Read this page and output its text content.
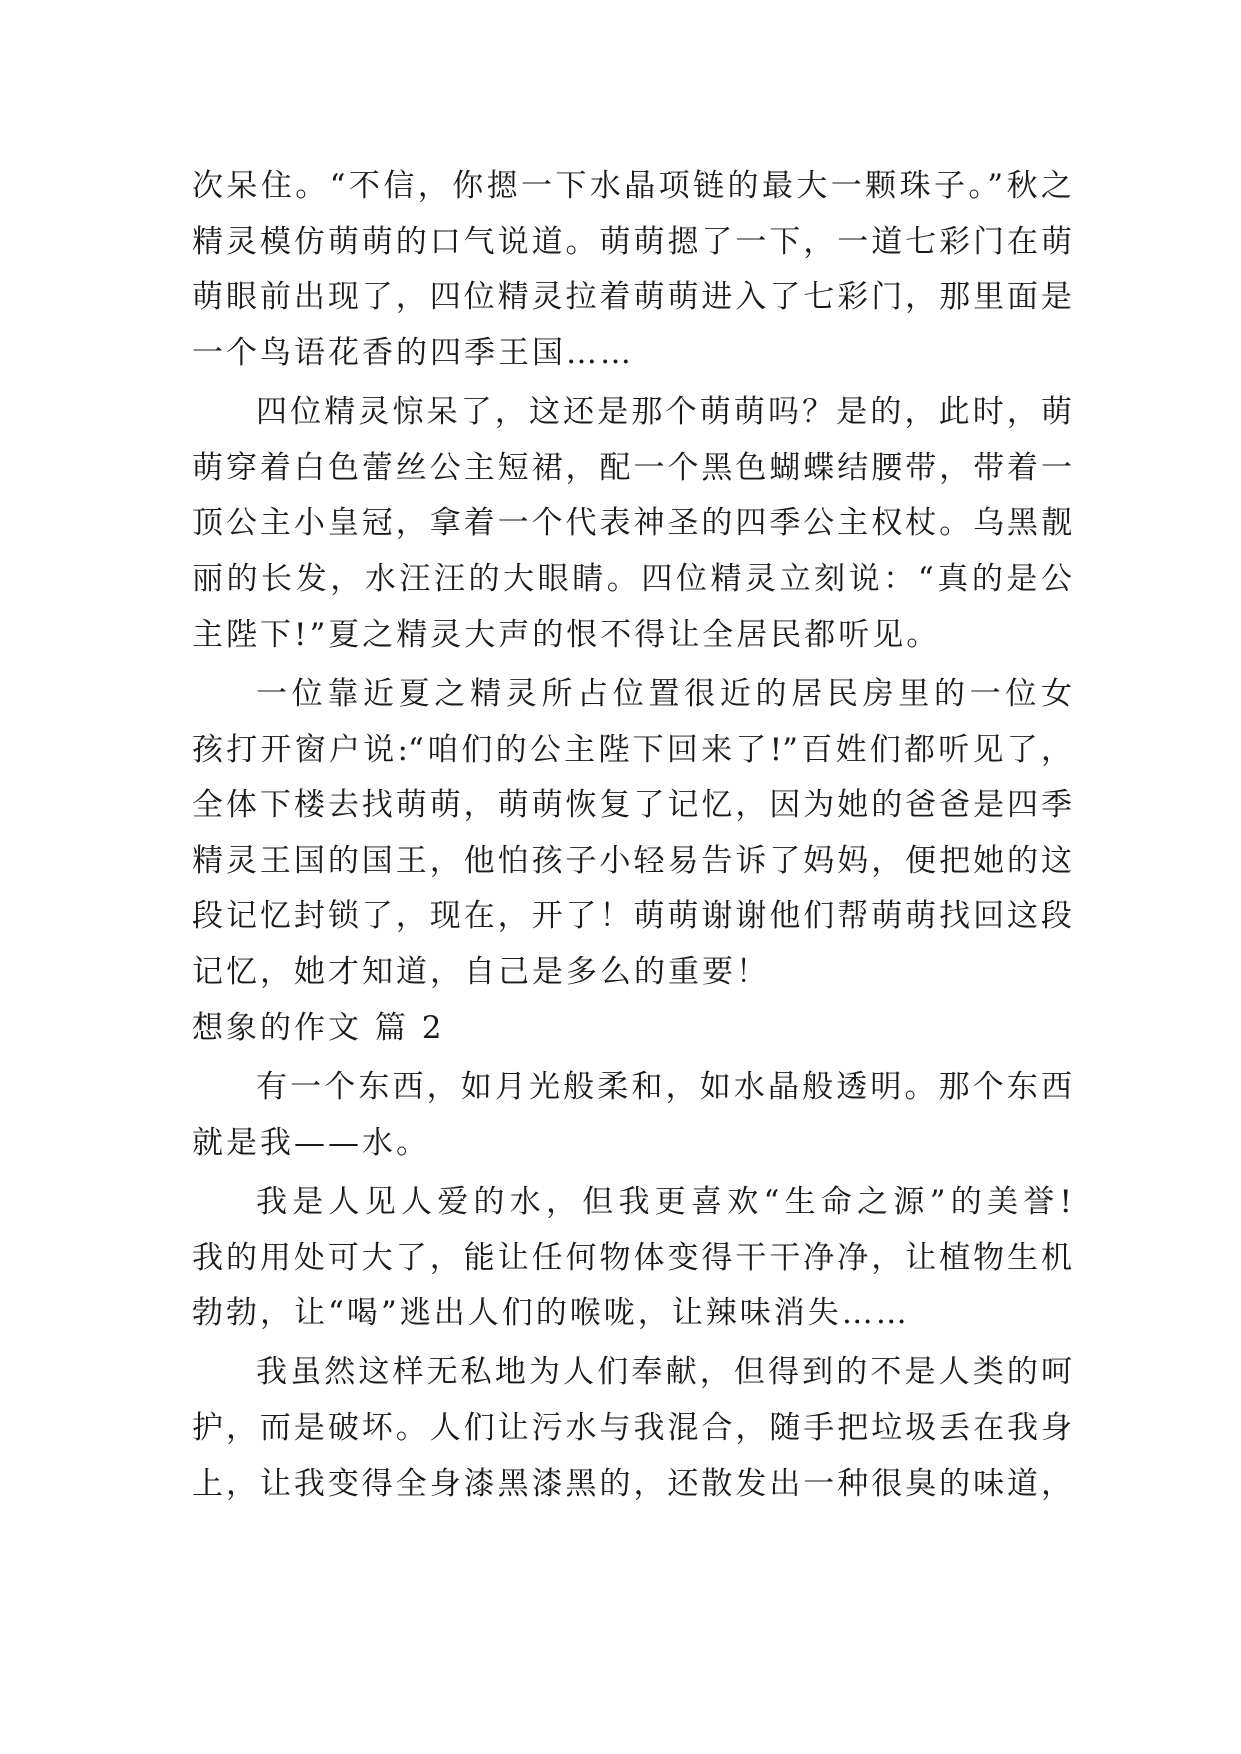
次呆住。“不信，你摁一下水晶项链的最大一颗珠子。”秋之
精灵模仿萌萌的口气说道。萌萌摁了一下，一道七彩门在萌
萌眼前出现了，四位精灵拉着萌萌进入了七彩门，那里面是
一个鸟语花香的四季王国……
四位精灵惊呆了，这还是那个萌萌吗？是的，此时，萌
萌穿着白色蕾丝公主短裙，配一个黑色蝴蝶结腰带，带着一
顶公主小皇冠，拿着一个代表神圣的四季公主权杖。乌黑靓
丽的长发，水汪汪的大眼睛。四位精灵立刻说：“真的是公
主陛下!”夏之精灵大声的恨不得让全居民都听见。
一位靠近夏之精灵所占位置很近的居民房里的一位女
孩打开窗户说:“咱们的公主陛下回来了!”百姓们都听见了，
全体下楼去找萌萌，萌萌恢复了记忆，因为她的爸爸是四季
精灵王国的国王，他怕孩子小轻易告诉了妈妈，便把她的这
段记忆封锁了，现在，开了！萌萌谢谢他们帮萌萌找回这段
记忆，她才知道，自己是多么的重要！
想象的作文 篇 2
有一个东西，如月光般柔和，如水晶般透明。那个东西
就是我——水。
我是人见人爱的水，但我更喜欢“生命之源”的美誉!
我的用处可大了，能让任何物体变得干干净净，让植物生机
勃勃，让“喝”逃出人们的喉咙，让辣味消失……
我虽然这样无私地为人们奉献，但得到的不是人类的呵
护，而是破坏。人们让污水与我混合，随手把垃圾丢在我身
上，让我变得全身漆黑漆黑的，还散发出一种很臭的味道，
